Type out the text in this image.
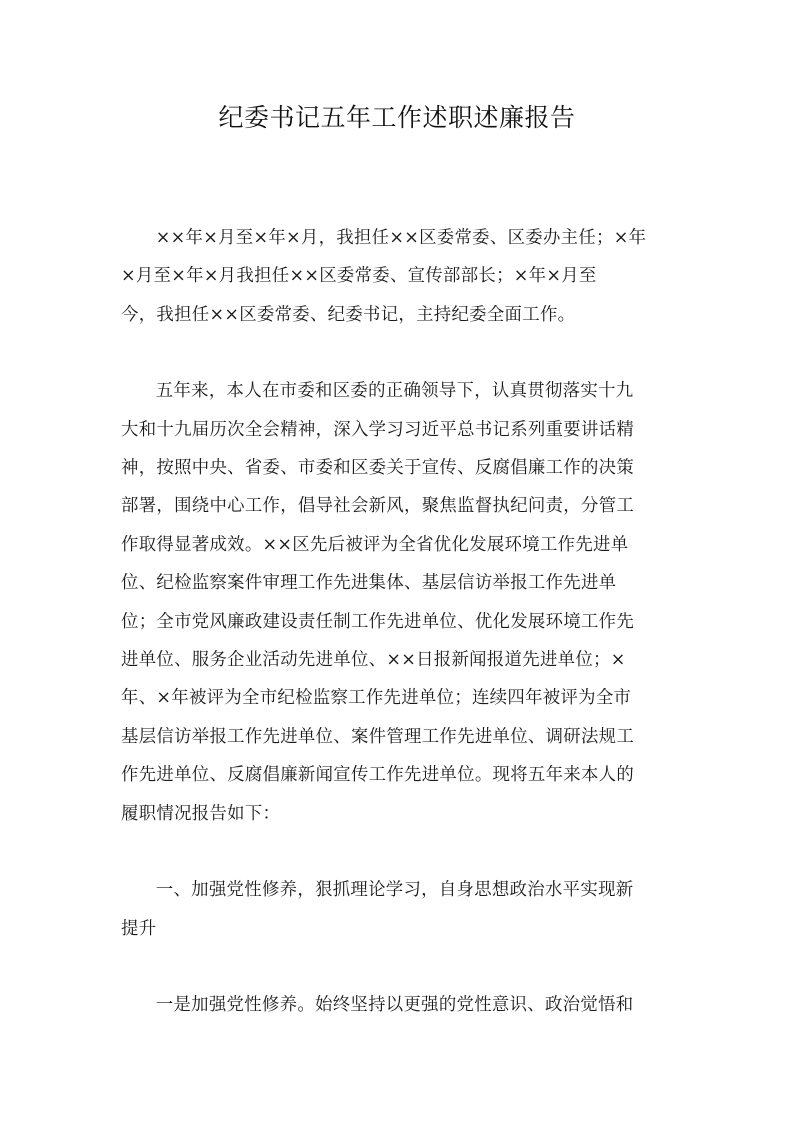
纪委书记五年工作述职述廉报告

××年×月至×年×月，我担任××区委常委、区委办主任；×年
×月至×年×月我担任××区委常委、宣传部部长；×年×月至
今，我担任××区委常委、纪委书记，主持纪委全面工作。

五年来，本人在市委和区委的正确领导下，认真贯彻落实十九
大和十九届历次全会精神，深入学习习近平总书记系列重要讲话精
神，按照中央、省委、市委和区委关于宣传、反腐倡廉工作的决策
部署，围绕中心工作，倡导社会新风，聚焦监督执纪问责，分管工
作取得显著成效。××区先后被评为全省优化发展环境工作先进单
位、纪检监察案件审理工作先进集体、基层信访举报工作先进单
位；全市党风廉政建设责任制工作先进单位、优化发展环境工作先
进单位、服务企业活动先进单位、××日报新闻报道先进单位；×
年、×年被评为全市纪检监察工作先进单位；连续四年被评为全市
基层信访举报工作先进单位、案件管理工作先进单位、调研法规工
作先进单位、反腐倡廉新闻宣传工作先进单位。现将五年来本人的
履职情况报告如下：

一、加强党性修养，狠抓理论学习，自身思想政治水平实现新
提升

一是加强党性修养。始终坚持以更强的党性意识、政治觉悟和
